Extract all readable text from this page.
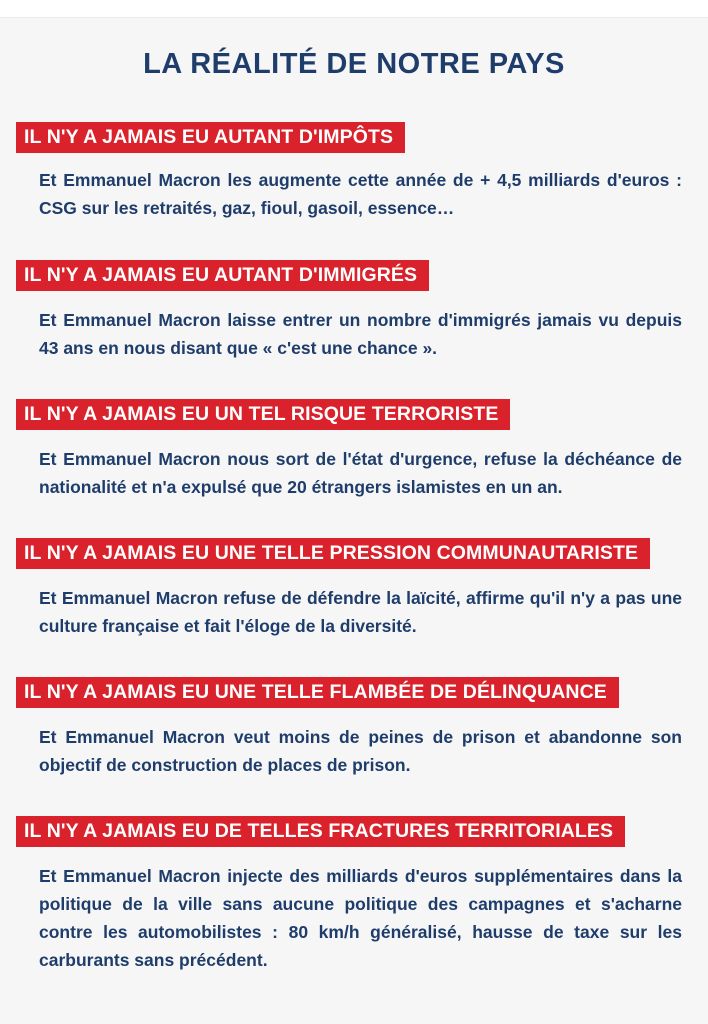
LA RÉALITÉ DE NOTRE PAYS
IL N'Y A JAMAIS EU AUTANT D'IMPÔTS

Et Emmanuel Macron les augmente cette année de + 4,5 milliards d'euros : CSG sur les retraités, gaz, fioul, gasoil, essence…

IL N'Y A JAMAIS EU AUTANT D'IMMIGRÉS

Et Emmanuel Macron laisse entrer un nombre d'immigrés jamais vu depuis 43 ans en nous disant que « c'est une chance ».

IL N'Y A JAMAIS EU UN TEL RISQUE TERRORISTE

Et Emmanuel Macron nous sort de l'état d'urgence, refuse la déchéance de nationalité et n'a expulsé que 20 étrangers islamistes en un an.

IL N'Y A JAMAIS EU UNE TELLE PRESSION COMMUNAUTARISTE

Et Emmanuel Macron refuse de défendre la laïcité, affirme qu'il n'y a pas une culture française et fait l'éloge de la diversité.

IL N'Y A JAMAIS EU UNE TELLE FLAMBÉE DE DÉLINQUANCE

Et Emmanuel Macron veut moins de peines de prison et abandonne son objectif de construction de places de prison.

IL N'Y A JAMAIS EU DE TELLES FRACTURES TERRITORIALES

Et Emmanuel Macron injecte des milliards d'euros supplémentaires dans la politique de la ville sans aucune politique des campagnes et s'acharne contre les automobilistes : 80 km/h généralisé, hausse de taxe sur les carburants sans précédent.
